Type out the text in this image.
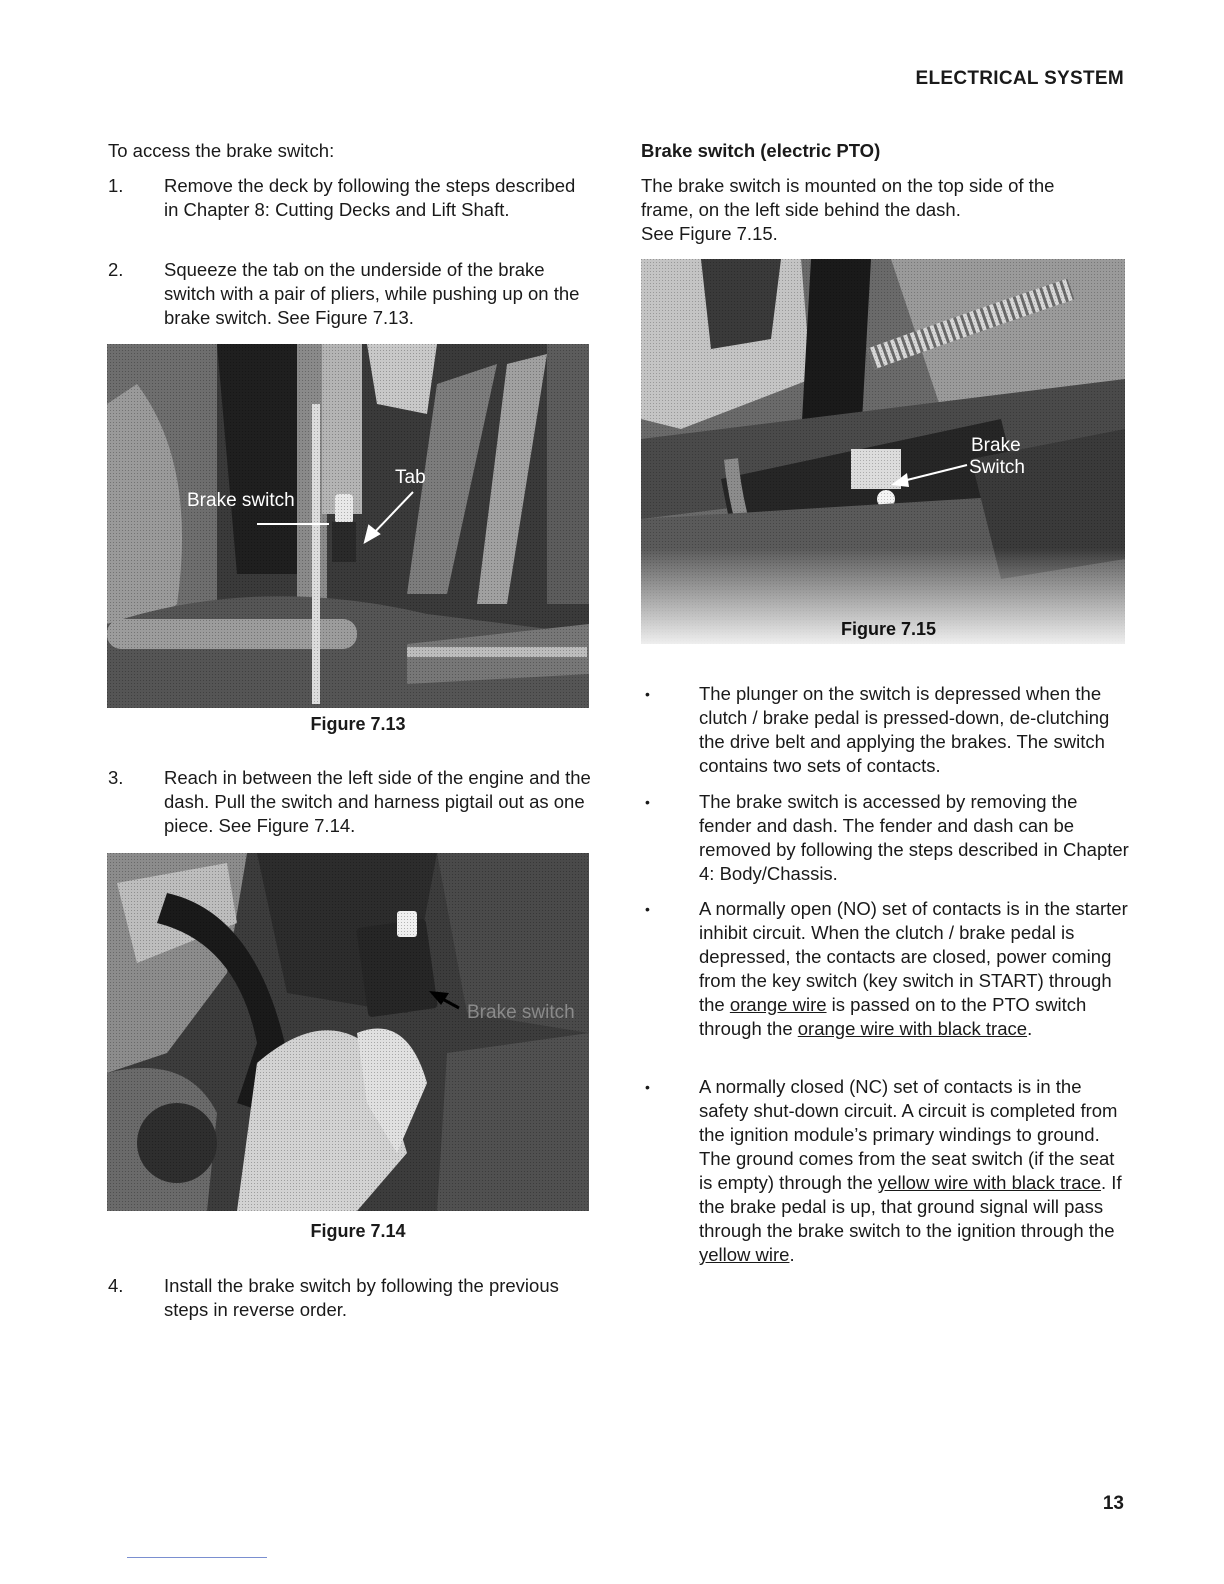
ELECTRICAL SYSTEM
To access the brake switch:
1. Remove the deck by following the steps described in Chapter 8: Cutting Decks and Lift Shaft.
2. Squeeze the tab on the underside of the brake switch with a pair of pliers, while pushing up on the brake switch. See Figure 7.13.
Brake switch
Tab
Figure 7.13
3. Reach in between the left side of the engine and the dash. Pull the switch and harness pigtail out as one piece. See Figure 7.14.
Brake switch
Figure 7.14
4. Install the brake switch by following the previous steps in reverse order.
Brake switch (electric PTO)
The brake switch is mounted on the top side of the
frame, on the left side behind the dash.
See Figure 7.15.
Brake
Switch
Figure 7.15
•	The plunger on the switch is depressed when the clutch / brake pedal is pressed-down, de-clutching the drive belt and applying the brakes. The switch contains two sets of contacts.
•	The brake switch is accessed by removing the fender and dash. The fender and dash can be removed by following the steps described in Chapter 4: Body/Chassis.
•	A normally open (NO) set of contacts is in the starter inhibit circuit. When the clutch / brake pedal is depressed, the contacts are closed, power coming from the key switch (key switch in START) through the orange wire is passed on to the PTO switch through the orange wire with black trace.
•	A normally closed (NC) set of contacts is in the safety shut-down circuit. A circuit is completed from the ignition module’s primary windings to ground. The ground comes from the seat switch (if the seat is empty) through the yellow wire with black trace. If the brake pedal is up, that ground signal will pass through the brake switch to the ignition through the yellow wire.
13
